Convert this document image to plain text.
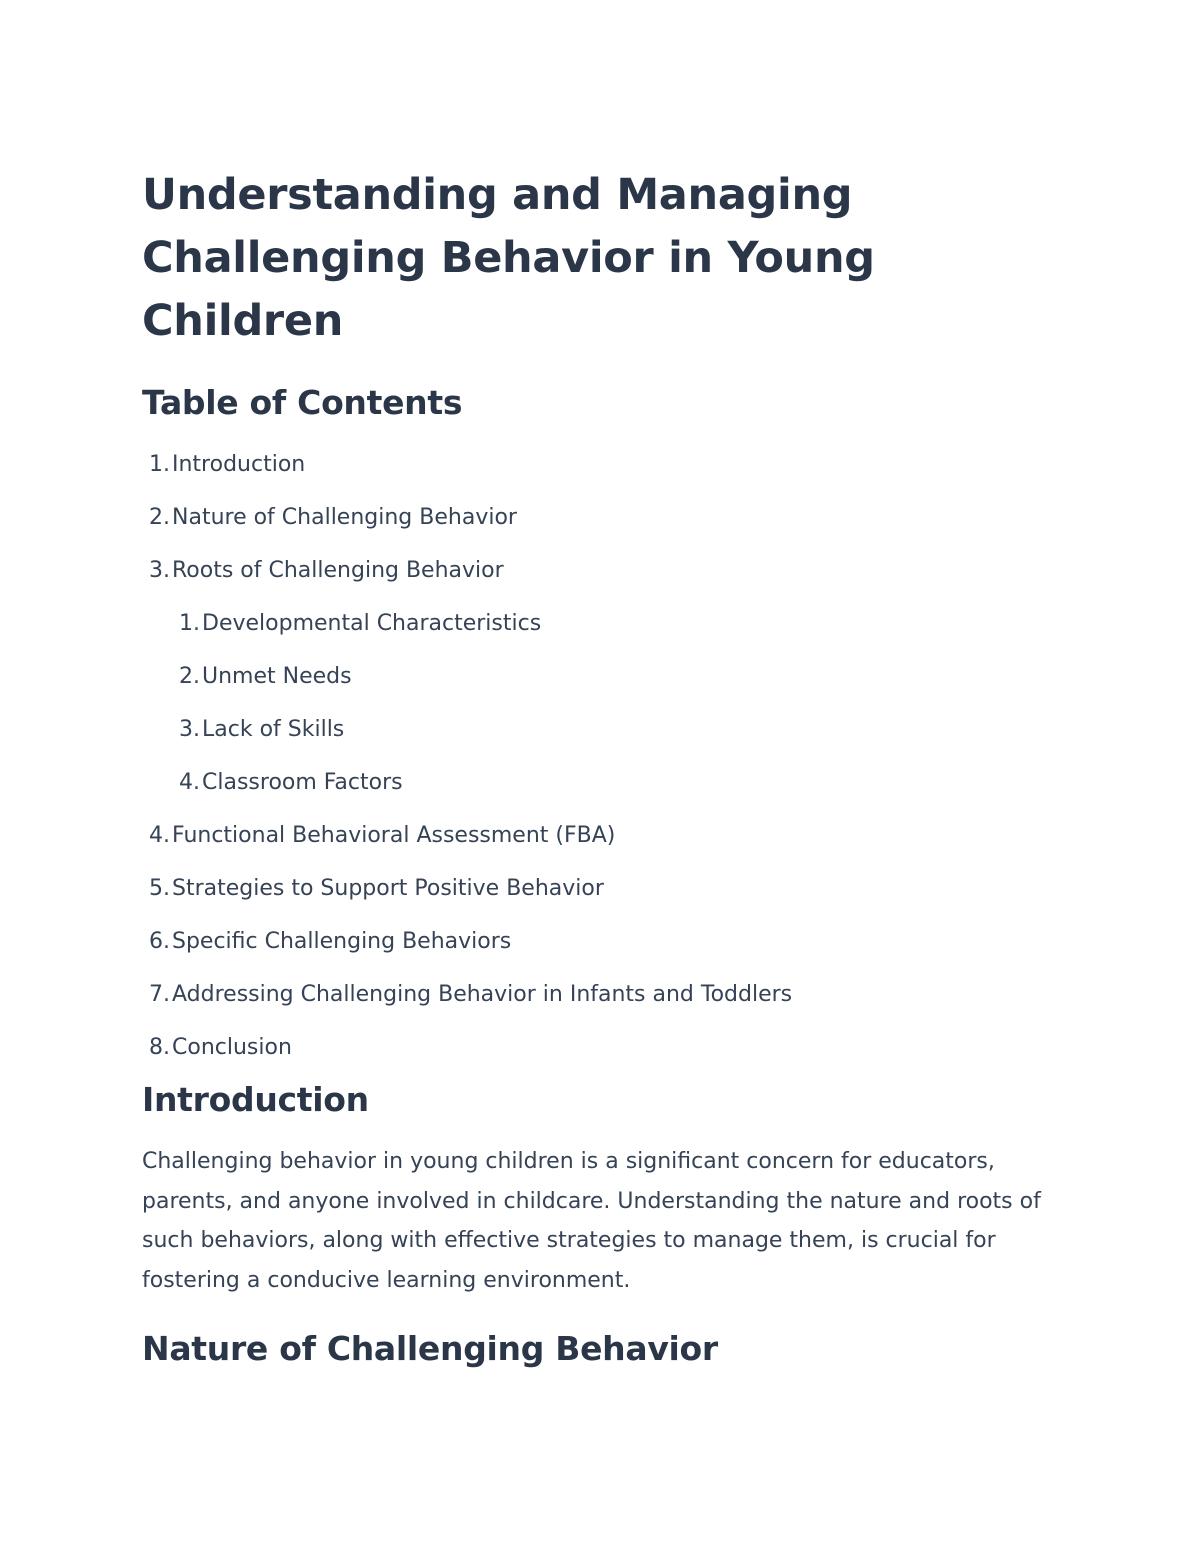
Understanding and Managing
Challenging Behavior in Young Children
Table of Contents
1. Introduction
2. Nature of Challenging Behavior
3. Roots of Challenging Behavior
1. Developmental Characteristics
2. Unmet Needs
3. Lack of Skills
4. Classroom Factors
4. Functional Behavioral Assessment (FBA)
5. Strategies to Support Positive Behavior
6. Specific Challenging Behaviors
7. Addressing Challenging Behavior in Infants and Toddlers
8. Conclusion
Introduction

Challenging behavior in young children is a significant concern for educators, parents, and anyone involved in childcare. Understanding the nature and roots of such behaviors, along with effective strategies to manage them, is crucial for fostering a conducive learning environment.

Nature of Challenging Behavior
